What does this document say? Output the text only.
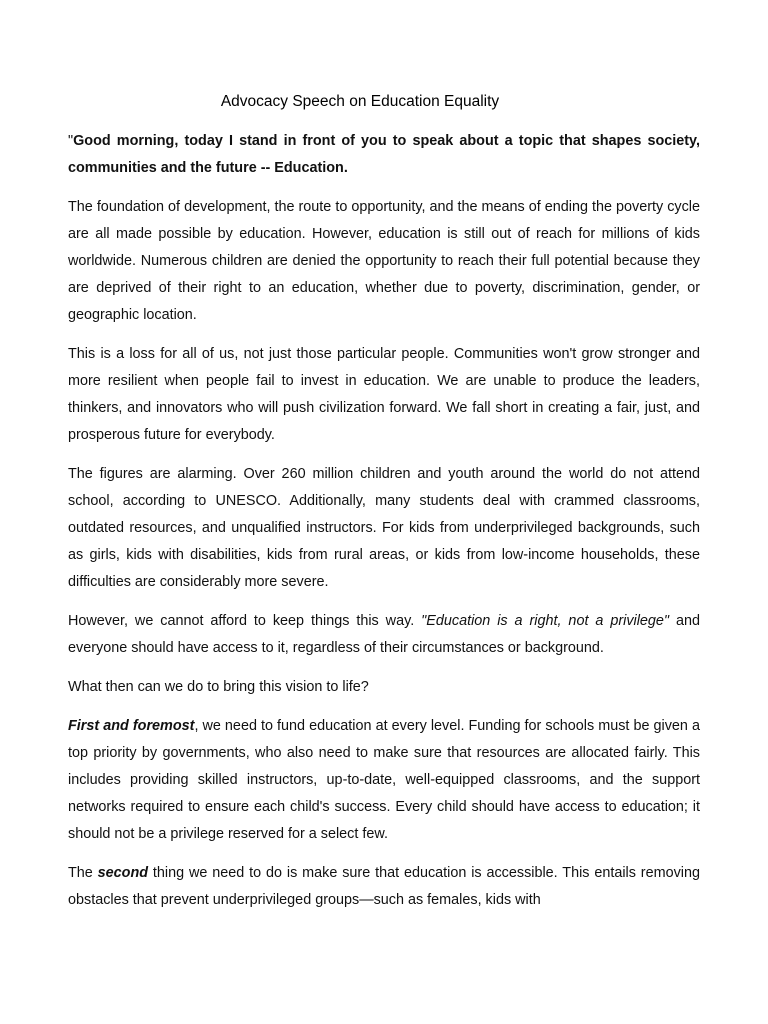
Advocacy Speech on Education Equality

"Good morning, today I stand in front of you to speak about a topic that shapes society, communities and the future -- Education.

The foundation of development, the route to opportunity, and the means of ending the poverty cycle are all made possible by education. However, education is still out of reach for millions of kids worldwide. Numerous children are denied the opportunity to reach their full potential because they are deprived of their right to an education, whether due to poverty, discrimination, gender, or geographic location.

This is a loss for all of us, not just those particular people. Communities won't grow stronger and more resilient when people fail to invest in education. We are unable to produce the leaders, thinkers, and innovators who will push civilization forward. We fall short in creating a fair, just, and prosperous future for everybody.

The figures are alarming. Over 260 million children and youth around the world do not attend school, according to UNESCO. Additionally, many students deal with crammed classrooms, outdated resources, and unqualified instructors. For kids from underprivileged backgrounds, such as girls, kids with disabilities, kids from rural areas, or kids from low-income households, these difficulties are considerably more severe.

However, we cannot afford to keep things this way. "Education is a right, not a privilege" and everyone should have access to it, regardless of their circumstances or background.

What then can we do to bring this vision to life?

First and foremost, we need to fund education at every level. Funding for schools must be given a top priority by governments, who also need to make sure that resources are allocated fairly. This includes providing skilled instructors, up-to-date, well-equipped classrooms, and the support networks required to ensure each child's success. Every child should have access to education; it should not be a privilege reserved for a select few.

The second thing we need to do is make sure that education is accessible. This entails removing obstacles that prevent underprivileged groups—such as females, kids with
